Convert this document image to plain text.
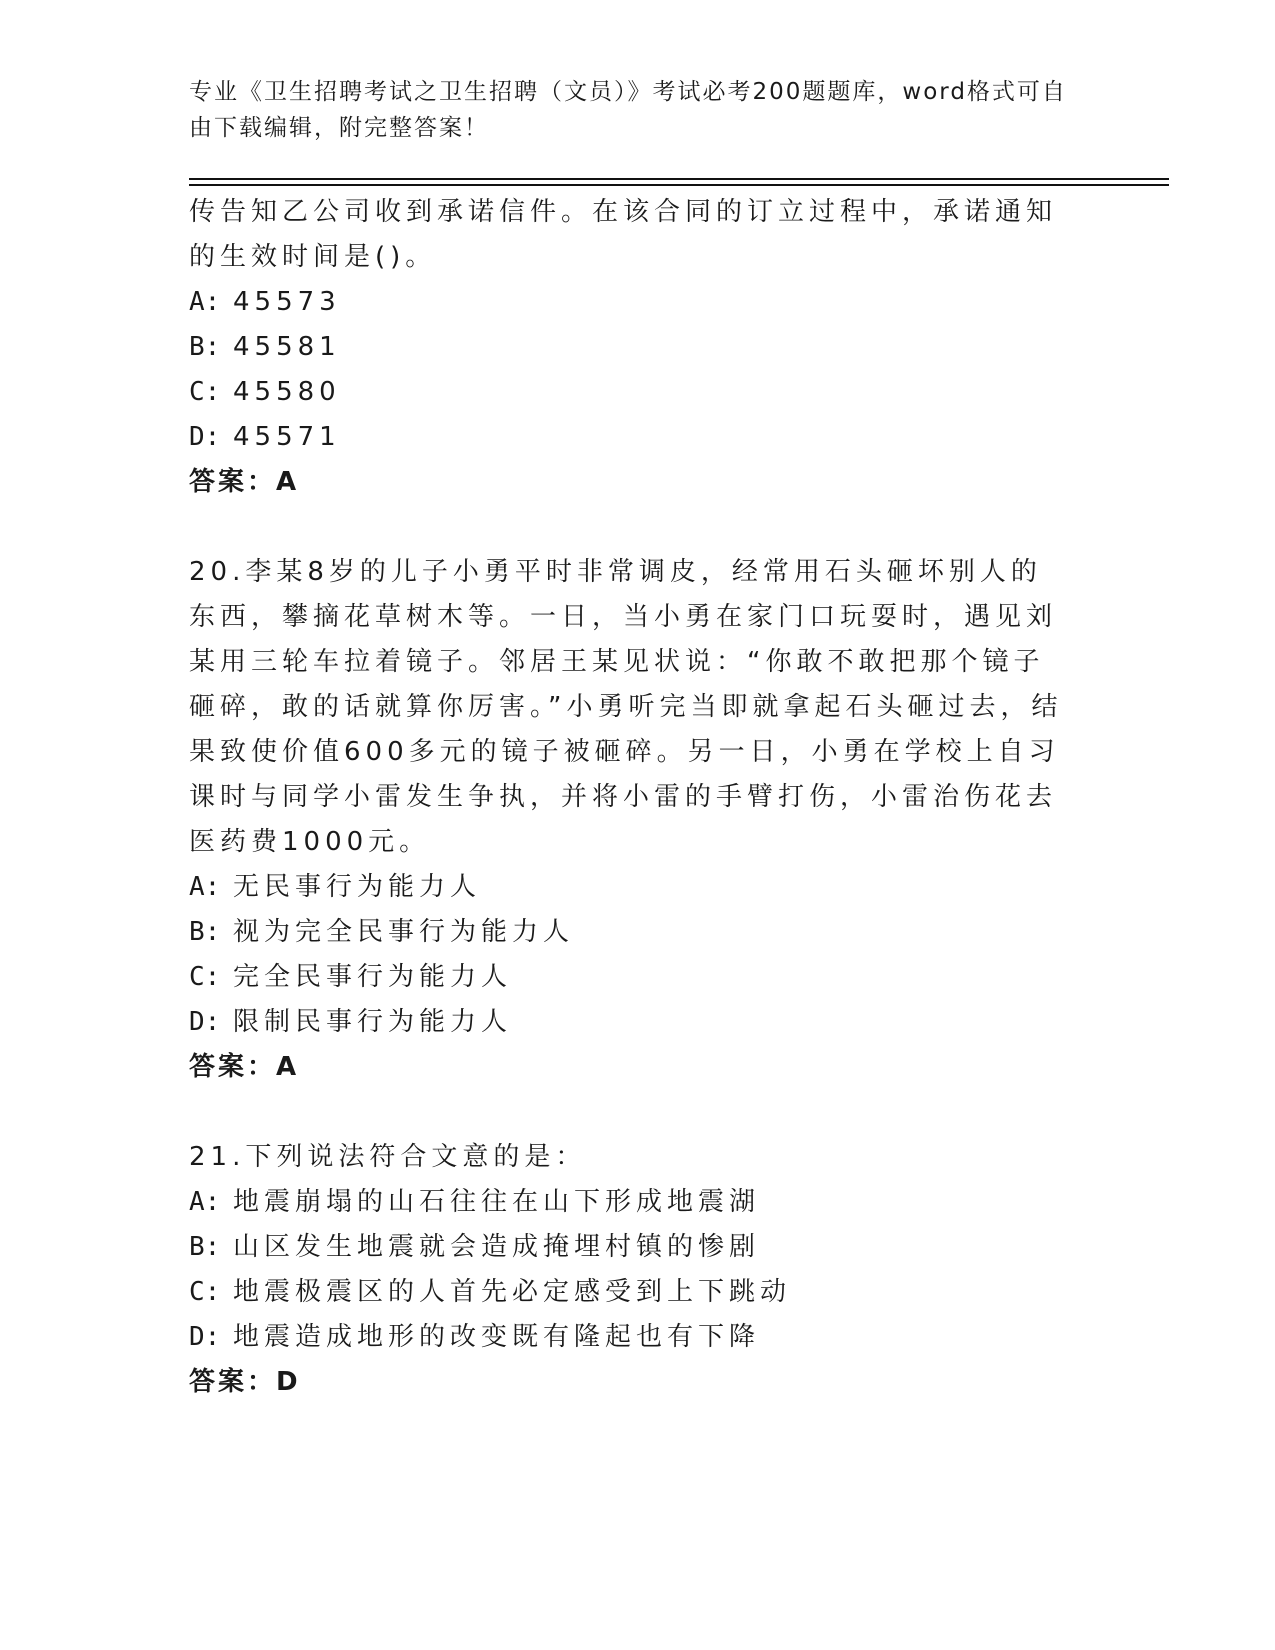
专业《卫生招聘考试之卫生招聘（文员）》考试必考200题题库，word格式可自由下载编辑，附完整答案！

传告知乙公司收到承诺信件。在该合同的订立过程中，承诺通知的生效时间是()。

A: 45573
B: 45581
C: 45580
D: 45571
答案：A

20.李某8岁的儿子小勇平时非常调皮，经常用石头砸坏别人的东西，攀摘花草树木等。一日，当小勇在家门口玩耍时，遇见刘某用三轮车拉着镜子。邻居王某见状说：“你敢不敢把那个镜子砸碎，敢的话就算你厉害。”小勇听完当即就拿起石头砸过去，结果致使价值600多元的镜子被砸碎。另一日，小勇在学校上自习课时与同学小雷发生争执，并将小雷的手臂打伤，小雷治伤花去医药费1000元。

A: 无民事行为能力人
B: 视为完全民事行为能力人
C: 完全民事行为能力人
D: 限制民事行为能力人
答案：A

21.下列说法符合文意的是：

A: 地震崩塌的山石往往在山下形成地震湖
B: 山区发生地震就会造成掩埋村镇的惨剧
C: 地震极震区的人首先必定感受到上下跳动
D: 地震造成地形的改变既有隆起也有下降
答案：D
